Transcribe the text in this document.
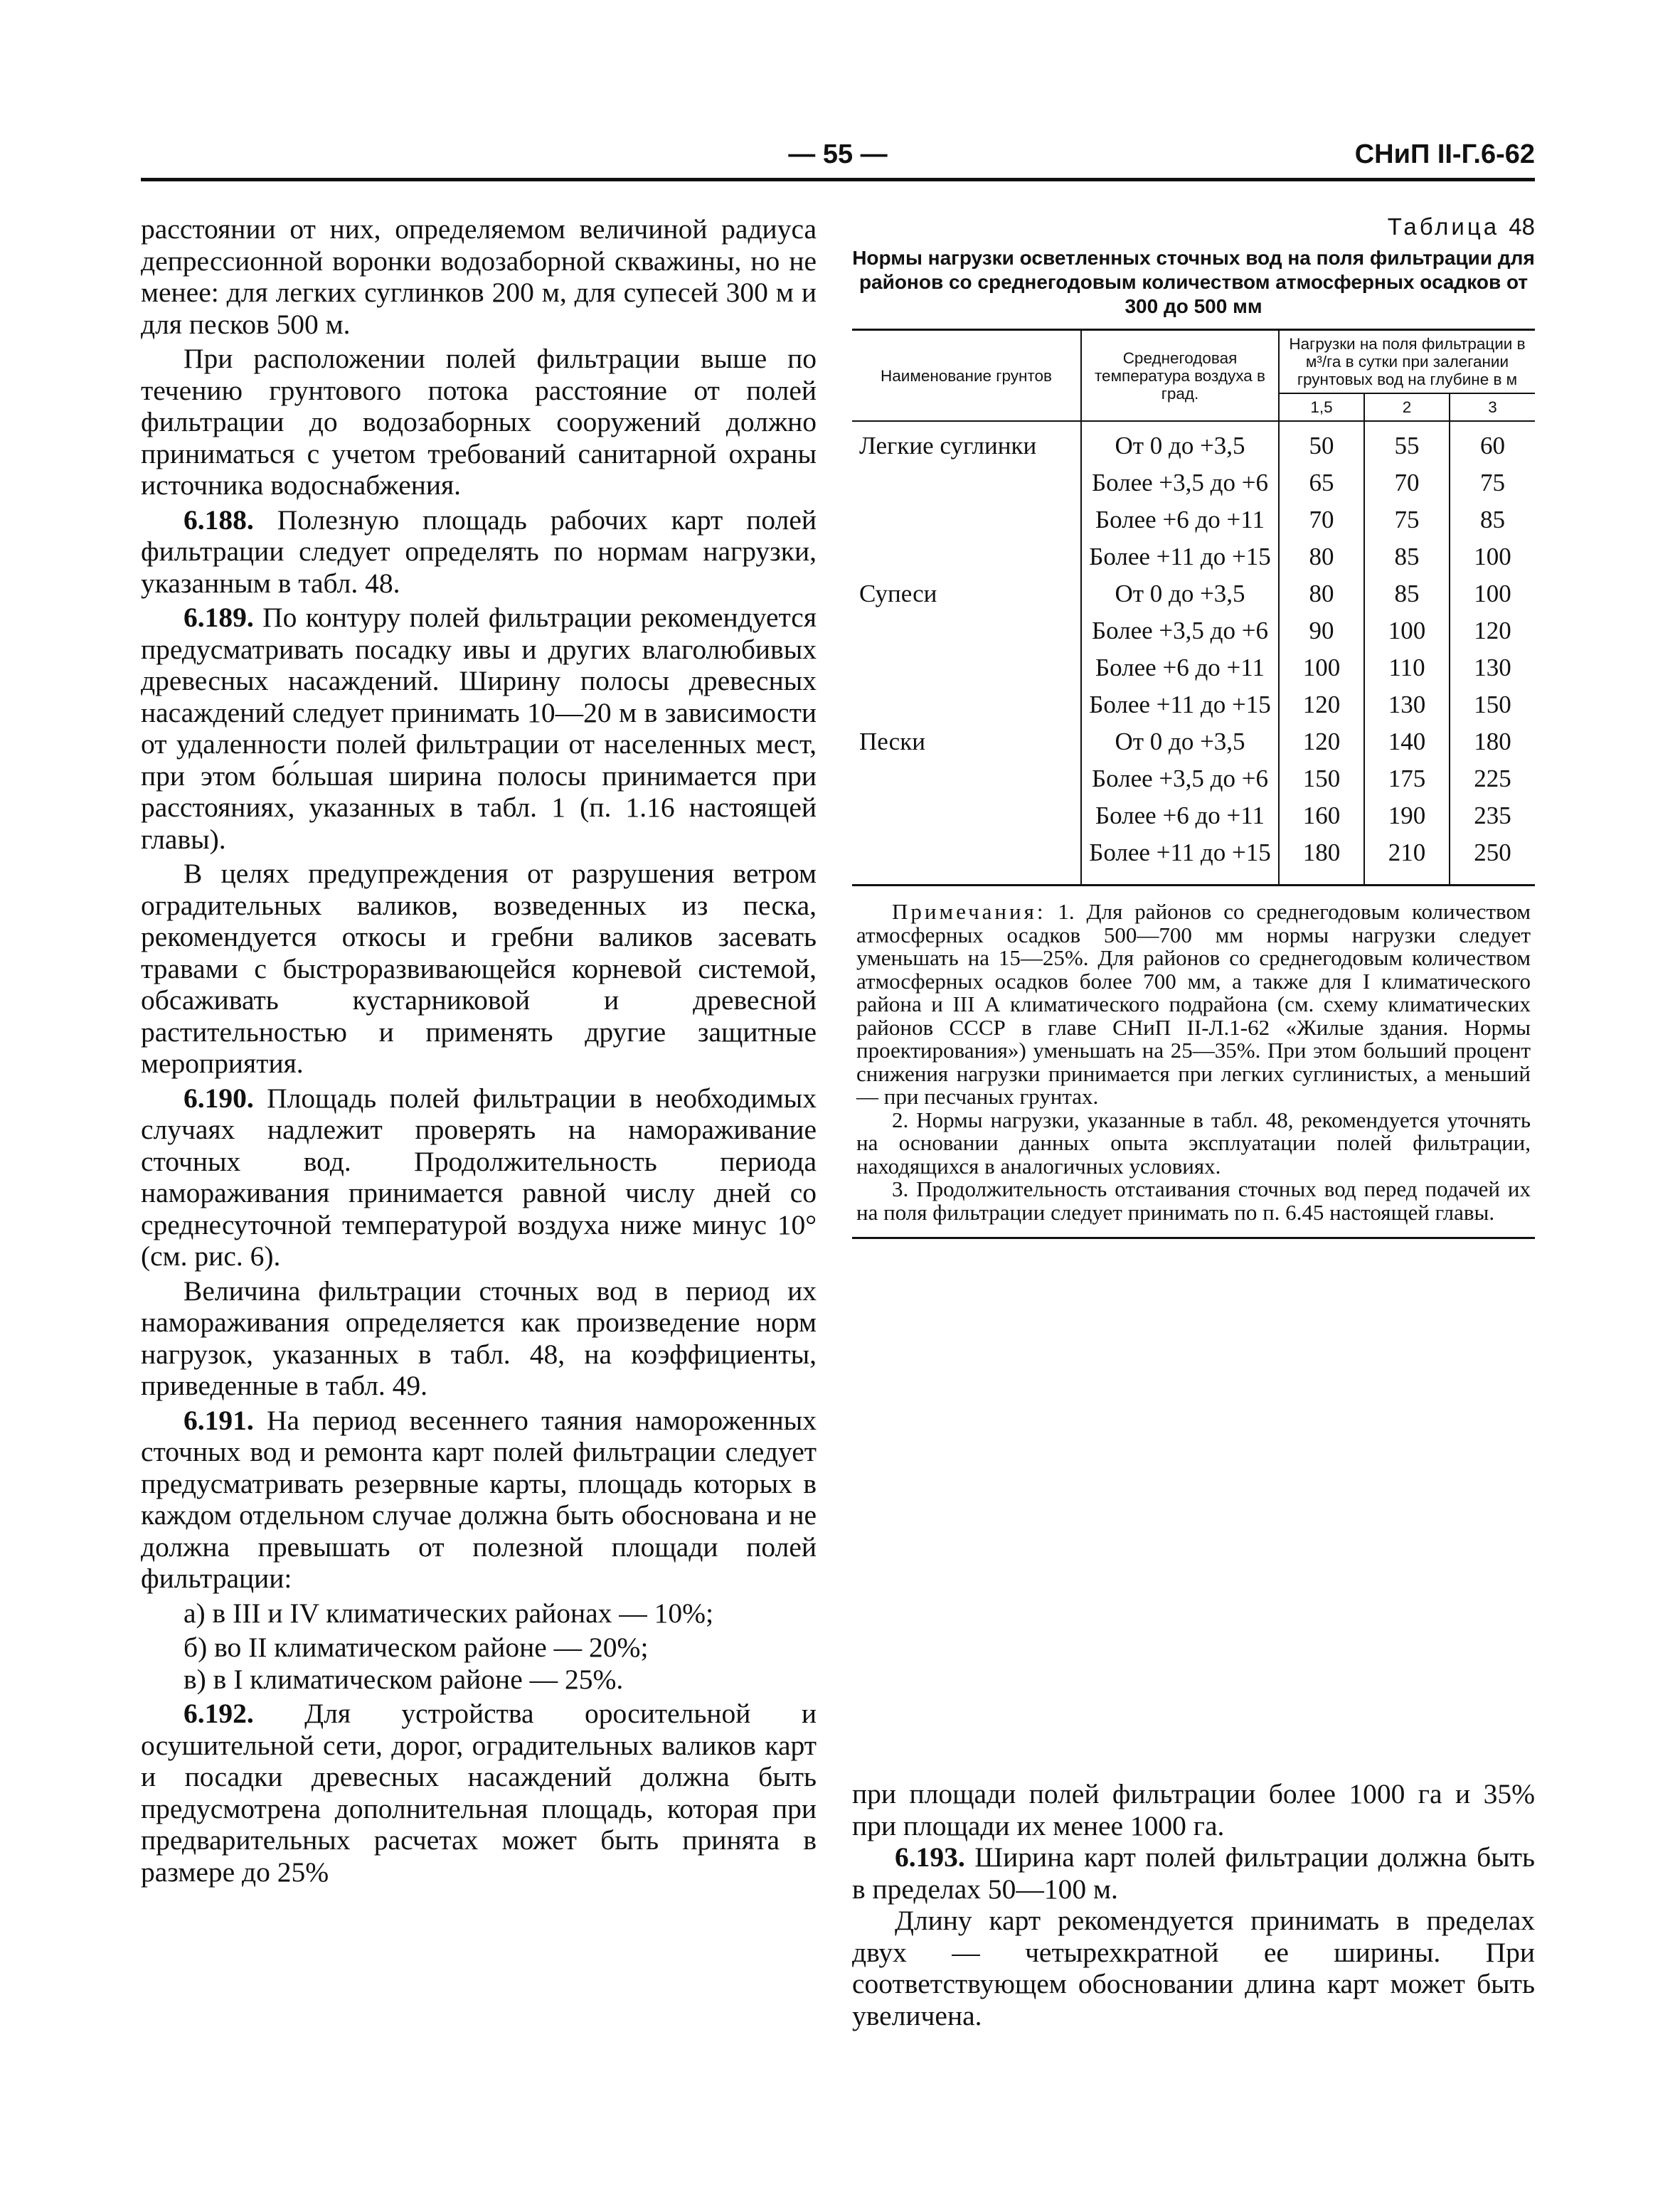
— 55 —	СНиП II-Г.6-62

расстоянии от них, определяемом величиной радиуса депрессионной воронки водозаборной скважины, но не менее: для легких суглинков 200 м, для супесей 300 м и для песков 500 м.

При расположении полей фильтрации выше по течению грунтового потока расстояние от полей фильтрации до водозаборных сооружений должно приниматься с учетом требований санитарной охраны источника водоснабжения.

6.188. Полезную площадь рабочих карт полей фильтрации следует определять по нормам нагрузки, указанным в табл. 48.

6.189. По контуру полей фильтрации рекомендуется предусматривать посадку ивы и других влаголюбивых древесных насаждений. Ширину полосы древесных насаждений следует принимать 10—20 м в зависимости от удаленности полей фильтрации от населенных мест, при этом бо́льшая ширина полосы принимается при расстояниях, указанных в табл. 1 (п. 1.16 настоящей главы).

В целях предупреждения от разрушения ветром оградительных валиков, возведенных из песка, рекомендуется откосы и гребни валиков засевать травами с быстроразвивающейся корневой системой, обсаживать кустарниковой и древесной растительностью и применять другие защитные мероприятия.

6.190. Площадь полей фильтрации в необходимых случаях надлежит проверять на намораживание сточных вод. Продолжительность периода намораживания принимается равной числу дней со среднесуточной температурой воздуха ниже минус 10° (см. рис. 6).

Величина фильтрации сточных вод в период их намораживания определяется как произведение норм нагрузок, указанных в табл. 48, на коэффициенты, приведенные в табл. 49.

6.191. На период весеннего таяния намороженных сточных вод и ремонта карт полей фильтрации следует предусматривать резервные карты, площадь которых в каждом отдельном случае должна быть обоснована и не должна превышать от полезной площади полей фильтрации:

а) в III и IV климатических районах — 10%;

б) во II климатическом районе — 20%;

в) в I климатическом районе — 25%.

6.192. Для устройства оросительной и осушительной сети, дорог, оградительных валиков карт и посадки древесных насаждений должна быть предусмотрена дополнительная площадь, которая при предварительных расчетах может быть принята в размере до 25%

Таблица 48
Нормы нагрузки осветленных сточных вод на поля фильтрации для районов со среднегодовым количеством атмосферных осадков от 300 до 500 мм
Наименование грунтов	Среднегодовая температура воздуха в град.	Нагрузки на поля фильтрации в м³/га в сутки при залегании грунтовых вод на глубине в м		
		1,5	2	3
Легкие суглинки	От 0 до +3,5	50	55	60
	Более +3,5 до +6	65	70	75
	Более +6 до +11	70	75	85
	Более +11 до +15	80	85	100
Супеси	От 0 до +3,5	80	85	100
	Более +3,5 до +6	90	100	120
	Более +6 до +11	100	110	130
	Более +11 до +15	120	130	150
Пески	От 0 до +3,5	120	140	180
	Более +3,5 до +6	150	175	225
	Более +6 до +11	160	190	235
	Более +11 до +15	180	210	250

Примечания: 1. Для районов со среднегодовым количеством атмосферных осадков 500—700 мм нормы нагрузки следует уменьшать на 15—25%. Для районов со среднегодовым количеством атмосферных осадков более 700 мм, а также для I климатического района и III А климатического подрайона (см. схему климатических районов СССР в главе СНиП II-Л.1-62 «Жилые здания. Нормы проектирования») уменьшать на 25—35%. При этом больший процент снижения нагрузки принимается при легких суглинистых, а меньший — при песчаных грунтах.

2. Нормы нагрузки, указанные в табл. 48, рекомендуется уточнять на основании данных опыта эксплуатации полей фильтрации, находящихся в аналогичных условиях.

3. Продолжительность отстаивания сточных вод перед подачей их на поля фильтрации следует принимать по п. 6.45 настоящей главы.

при площади полей фильтрации более 1000 га и 35% при площади их менее 1000 га.

6.193. Ширина карт полей фильтрации должна быть в пределах 50—100 м.

Длину карт рекомендуется принимать в пределах двух — четырехкратной ее ширины. При соответствующем обосновании длина карт может быть увеличена.
